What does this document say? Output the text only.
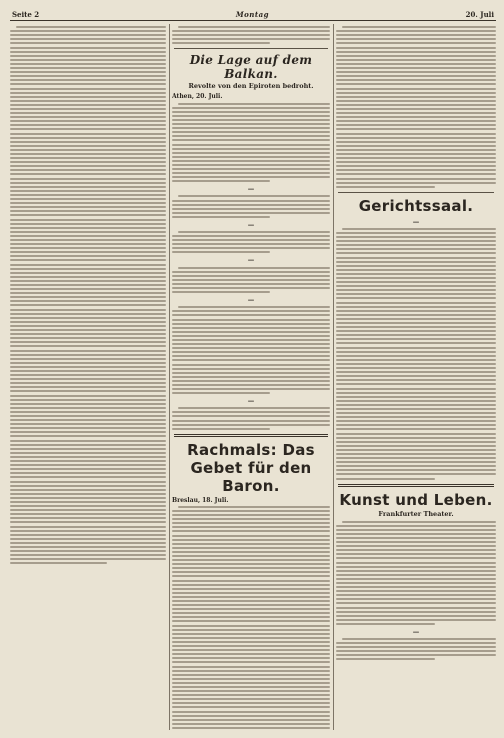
Seite 2	Montag	20. Juli
Die Lage auf dem Balkan.
Revolte von den Epiroten bedroht.
Athen, 20. Juli.
—
—
—
—
—
Rachmals: Das Gebet für den Baron.
Breslau, 18. Juli.
Gerichtssaal.
—
Kunst und Leben.
Frankfurter Theater.
—
